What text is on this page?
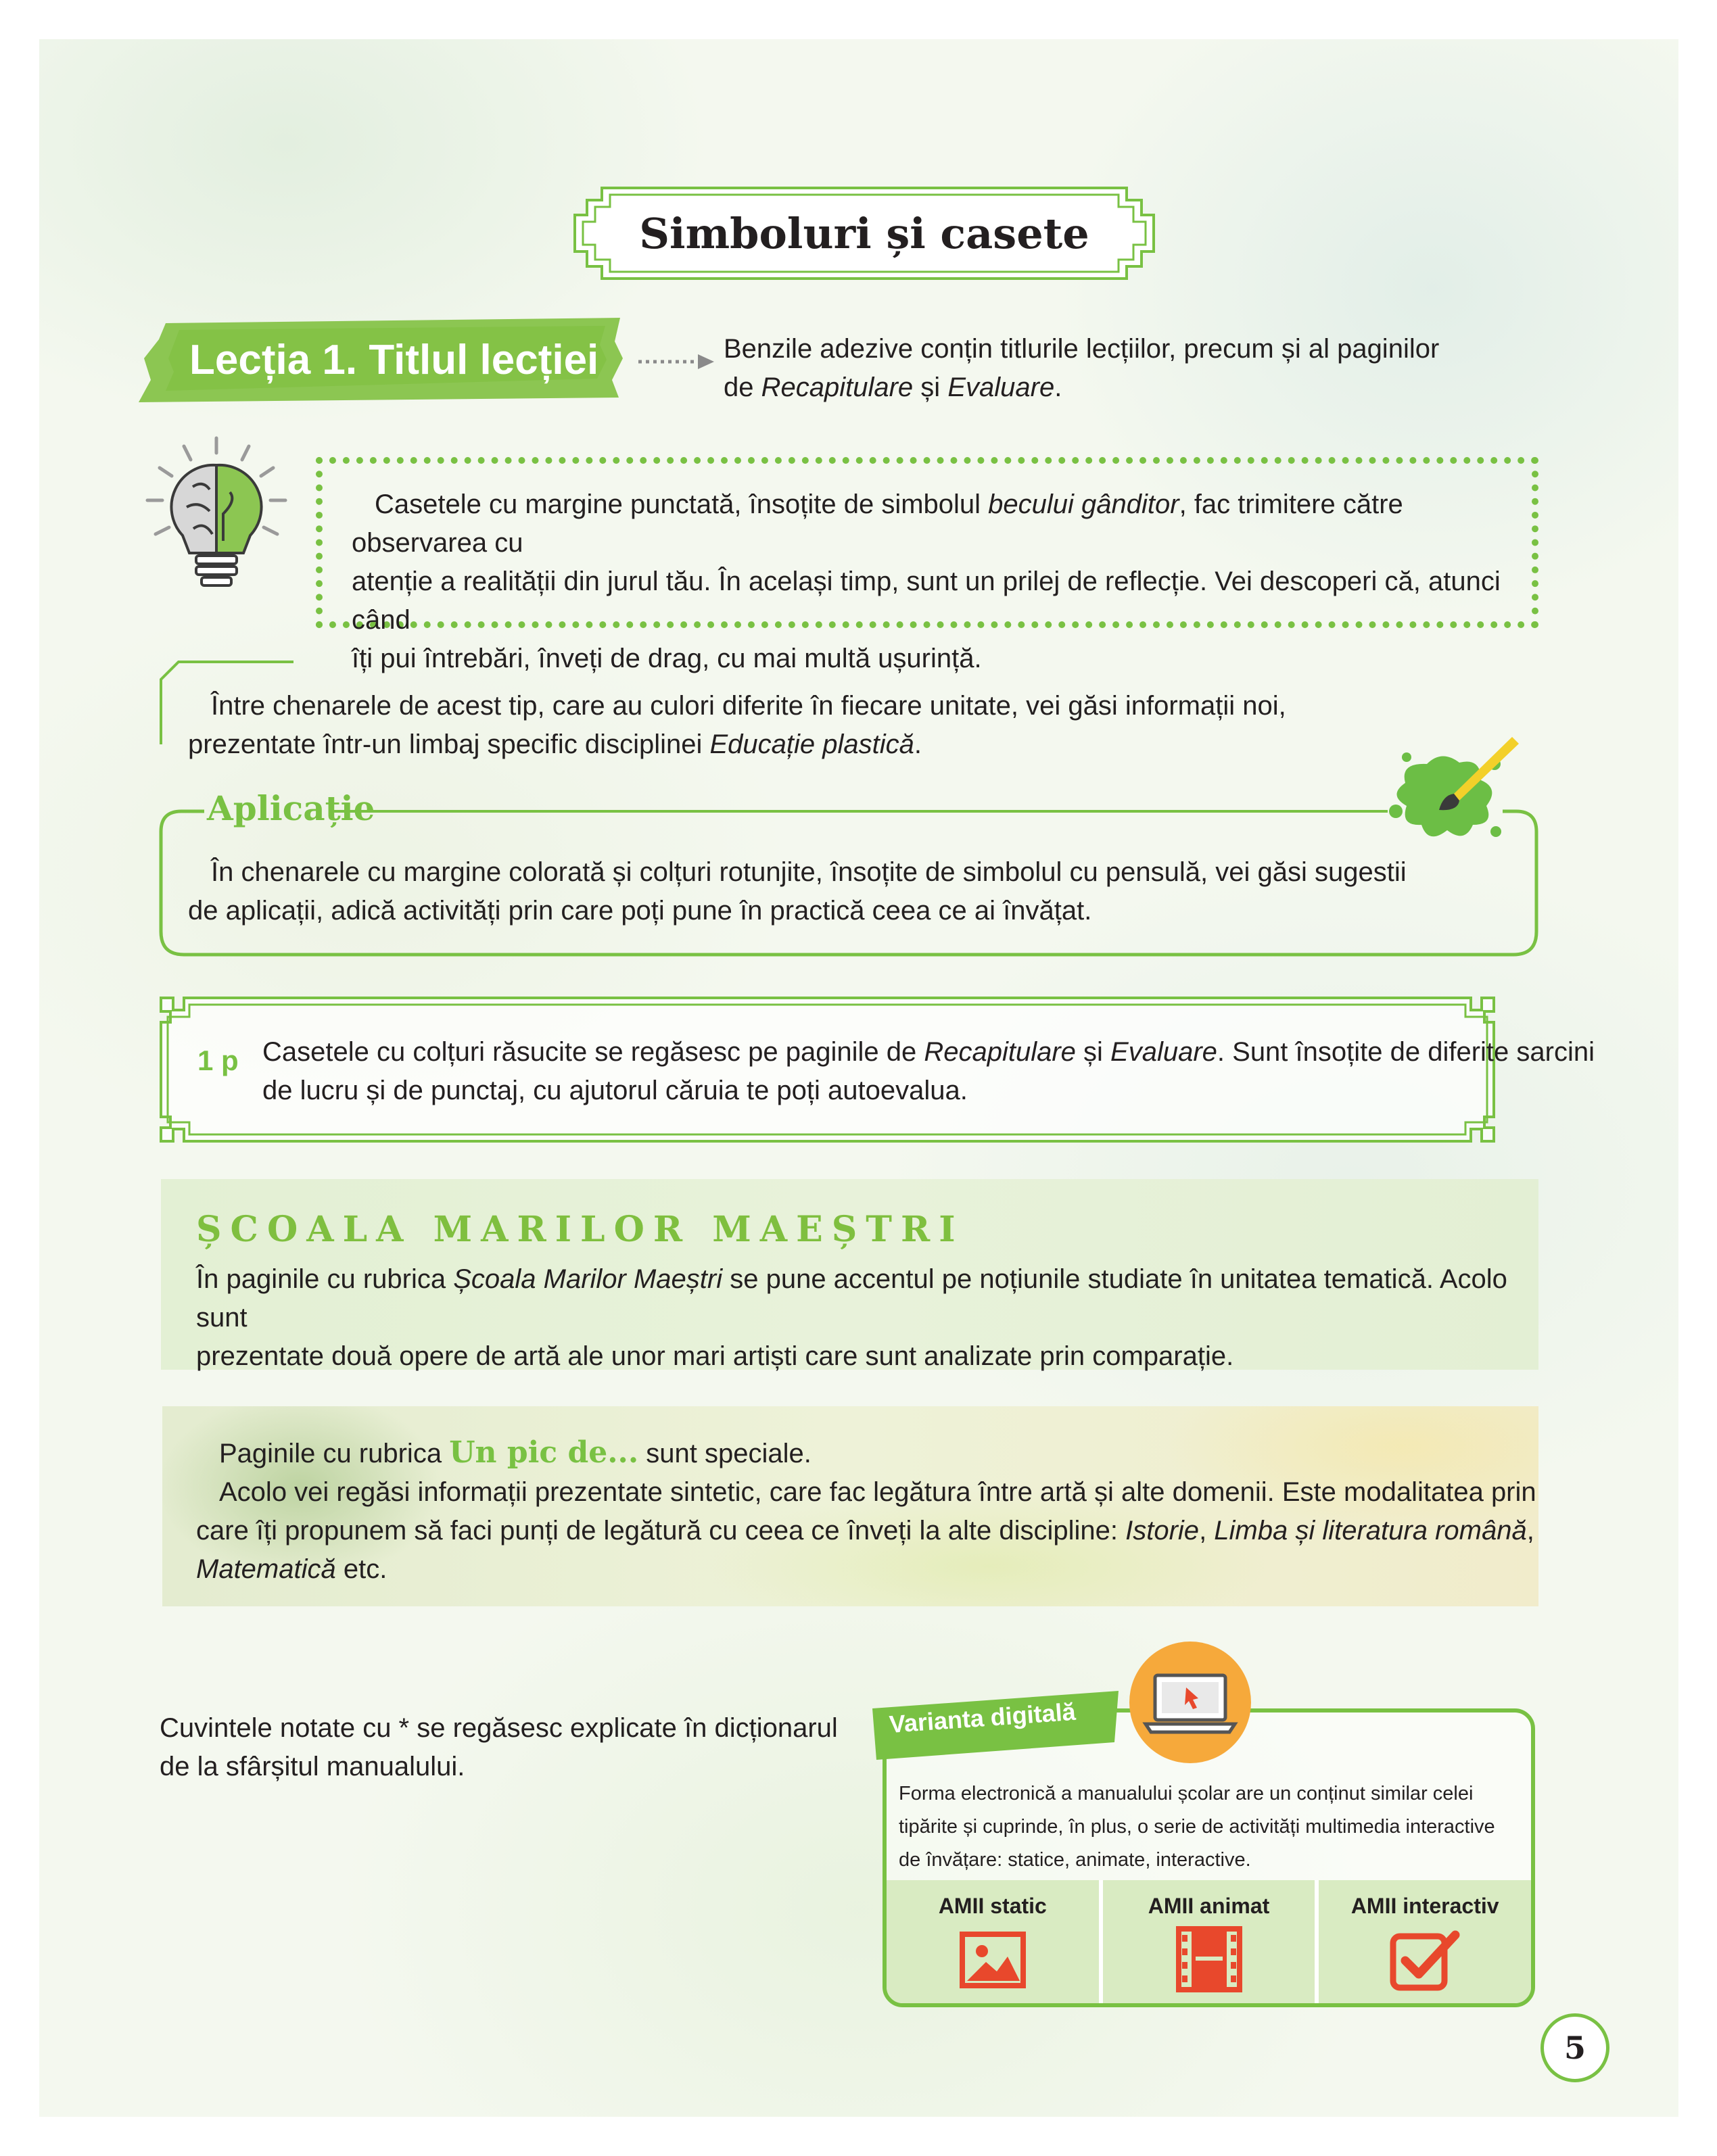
Simboluri și casete
Lecția 1. Titlul lecției	Benzile adezive conțin titlurile lecțiilor, precum și al paginilor
de Recapitulare și Evaluare.
Casetele cu margine punctată, însoțite de simbolul becului gânditor, fac trimitere către observarea cu
atenție a realității din jurul tău. În același timp, sunt un prilej de reflecție. Vei descoperi că, atunci când
îți pui întrebări, înveți de drag, cu mai multă ușurință.
Între chenarele de acest tip, care au culori diferite în fiecare unitate, vei găsi informații noi,
prezentate într-un limbaj specific disciplinei Educație plastică.
Aplicație
În chenarele cu margine colorată și colțuri rotunjite, însoțite de simbolul cu pensulă, vei găsi sugestii
de aplicații, adică activități prin care poți pune în practică ceea ce ai învățat.
1 p Casetele cu colțuri răsucite se regăsesc pe paginile de Recapitulare și Evaluare. Sunt însoțite de diferite sarcini
de lucru și de punctaj, cu ajutorul căruia te poți autoevalua.
ȘCOALA MARILOR MAEȘTRI
În paginile cu rubrica Școala Marilor Maeștri se pune accentul pe noțiunile studiate în unitatea tematică. Acolo sunt
prezentate două opere de artă ale unor mari artiști care sunt analizate prin comparație.
Paginile cu rubrica Un pic de... sunt speciale.
Acolo vei regăsi informații prezentate sintetic, care fac legătura între artă și alte domenii. Este modalitatea prin
care îți propunem să faci punți de legătură cu ceea ce înveți la alte discipline: Istorie, Limba și literatura română,
Matematică etc.
Cuvintele notate cu * se regăsesc explicate în dicționarul
de la sfârșitul manualului.
Forma electronică a manualului școlar are un conținut similar celei
tipărite și cuprinde, în plus, o serie de activități multimedia interactive
de învățare: statice, animate, interactive.
AMII static	AMII animat	AMII interactiv
Varianta digitală
5
